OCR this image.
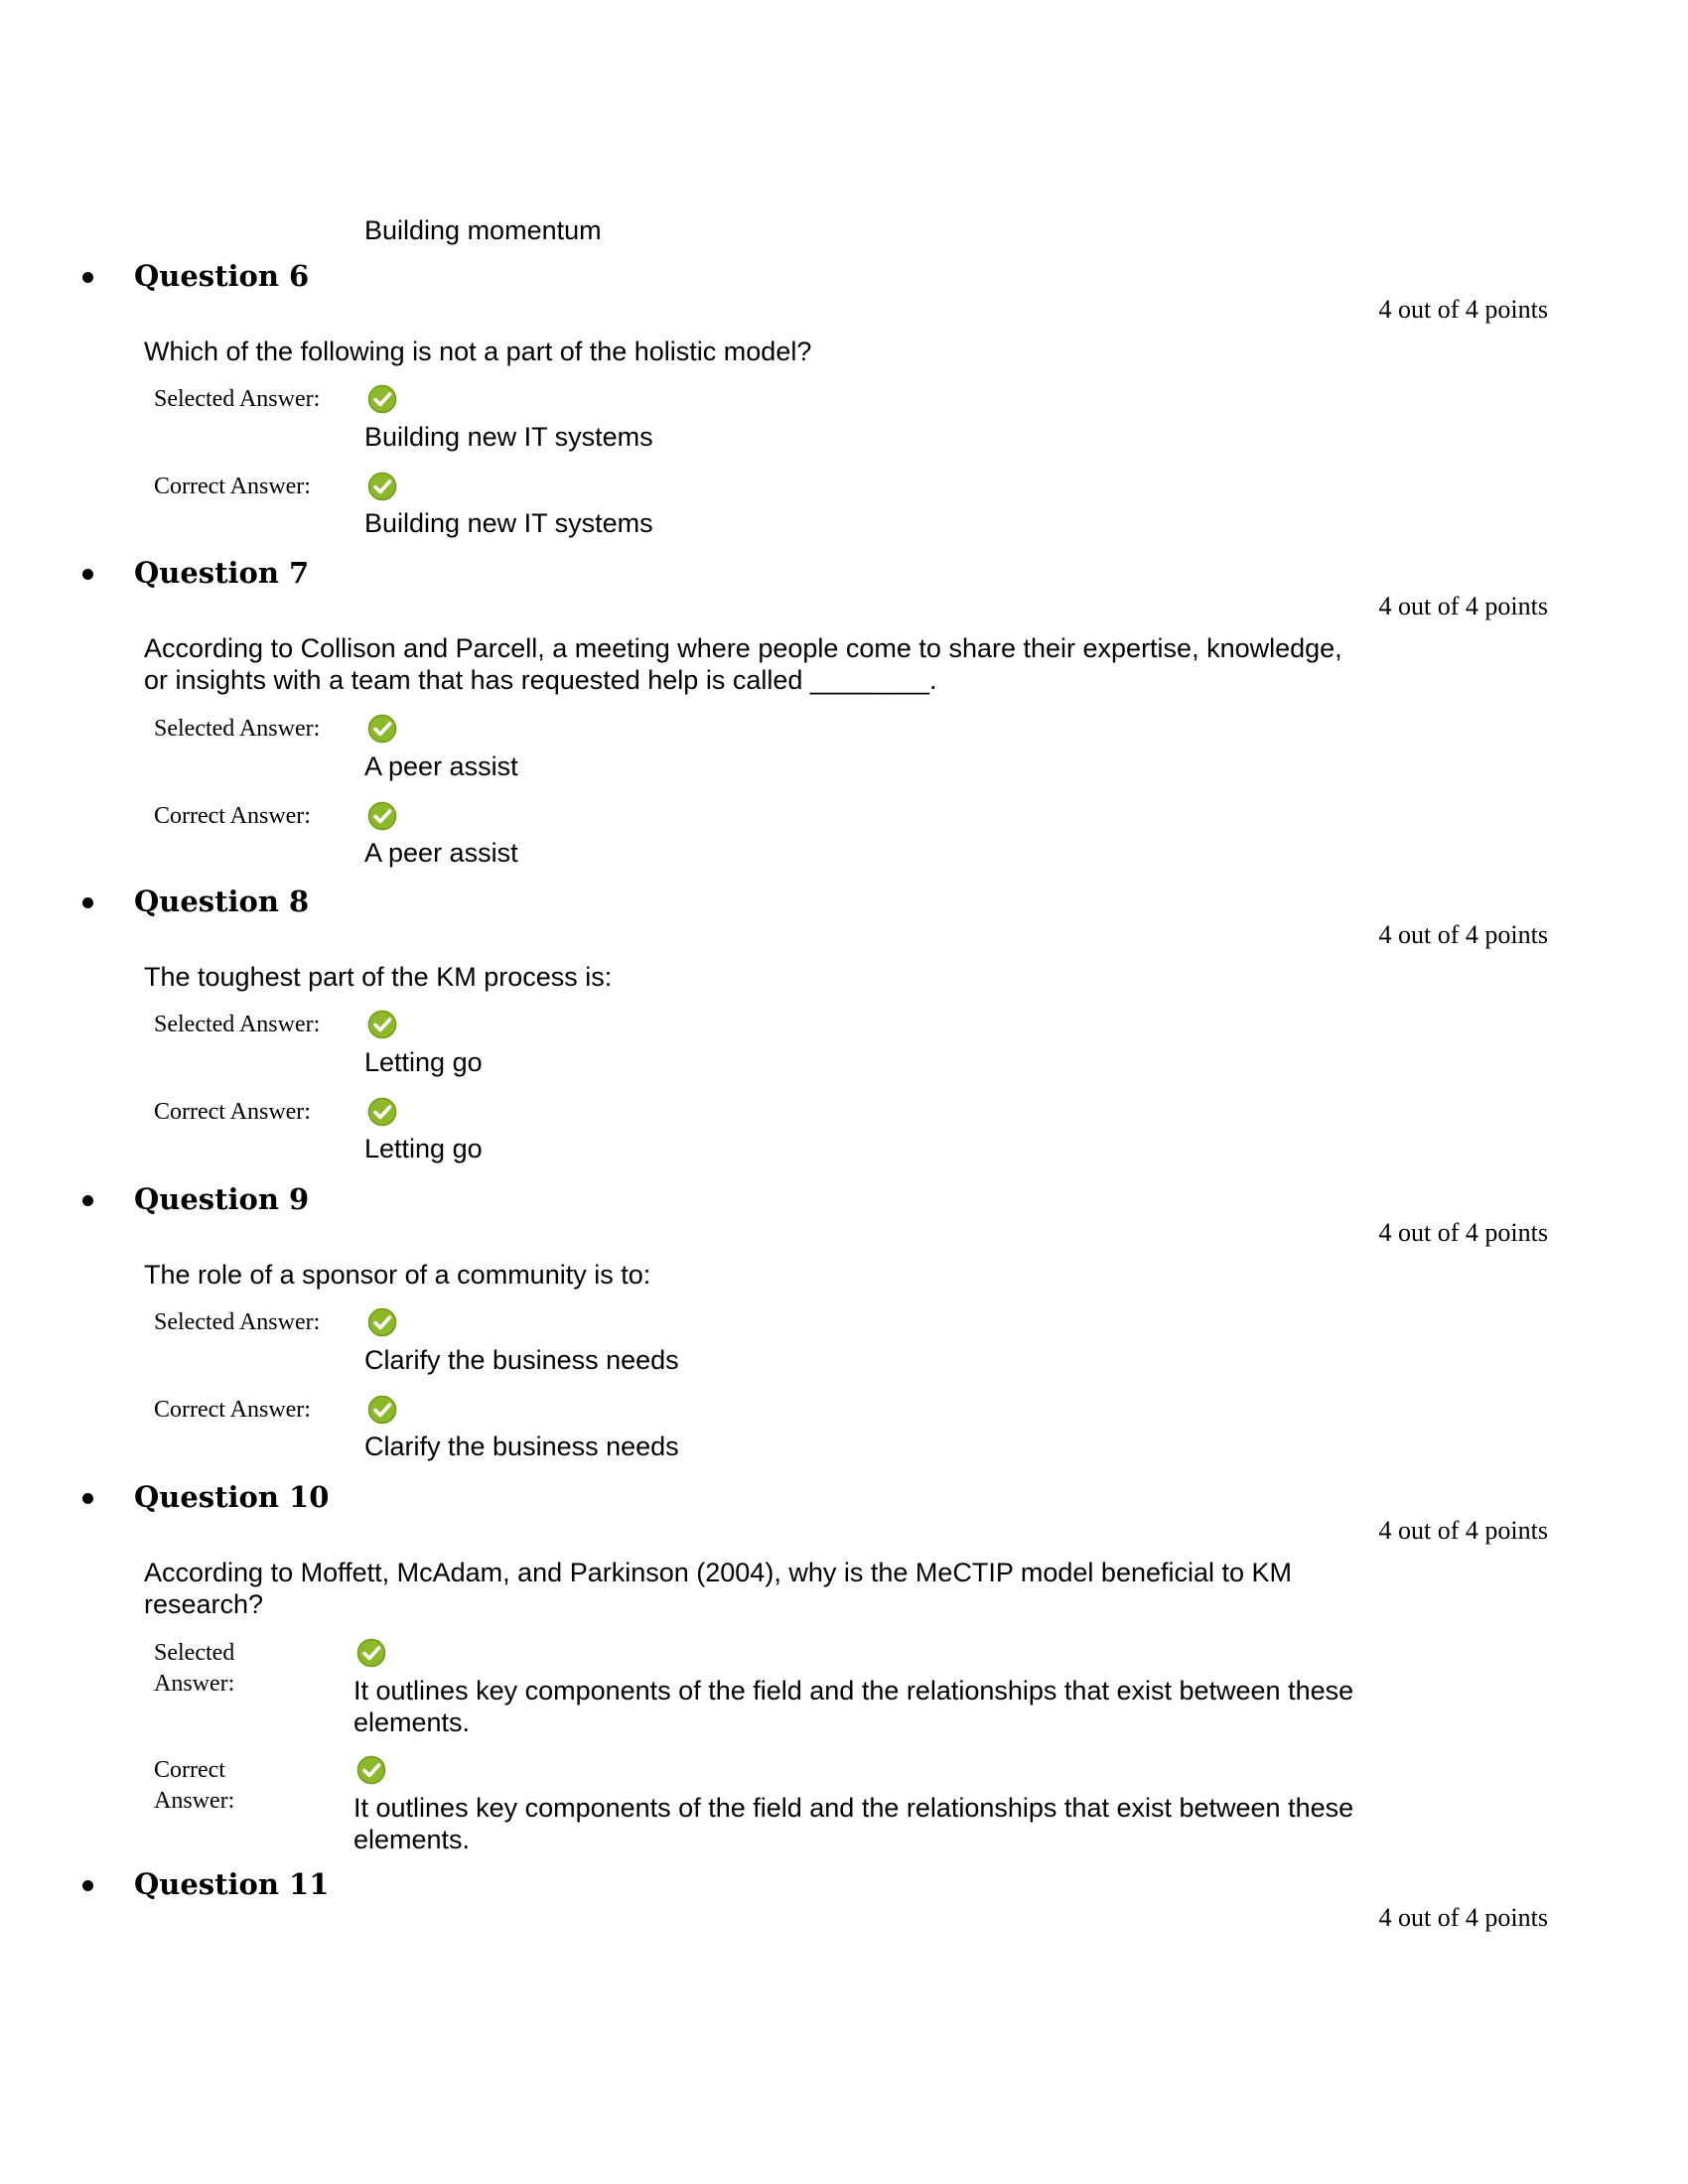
Building momentum
Question 6
4 out of 4 points
Which of the following is not a part of the holistic model?
Selected Answer:
Building new IT systems
Correct Answer:
Building new IT systems
Question 7
4 out of 4 points
According to Collison and Parcell, a meeting where people come to share their expertise, knowledge,
or insights with a team that has requested help is called ________.
Selected Answer:
A peer assist
Correct Answer:
A peer assist
Question 8
4 out of 4 points
The toughest part of the KM process is:
Selected Answer:
Letting go
Correct Answer:
Letting go
Question 9
4 out of 4 points
The role of a sponsor of a community is to:
Selected Answer:
Clarify the business needs
Correct Answer:
Clarify the business needs
Question 10
4 out of 4 points
According to Moffett, McAdam, and Parkinson (2004), why is the MeCTIP model beneficial to KM
research?
Selected
Answer:	It outlines key components of the field and the relationships that exist between these
elements.
Correct
Answer:	It outlines key components of the field and the relationships that exist between these
elements.
Question 11
4 out of 4 points
